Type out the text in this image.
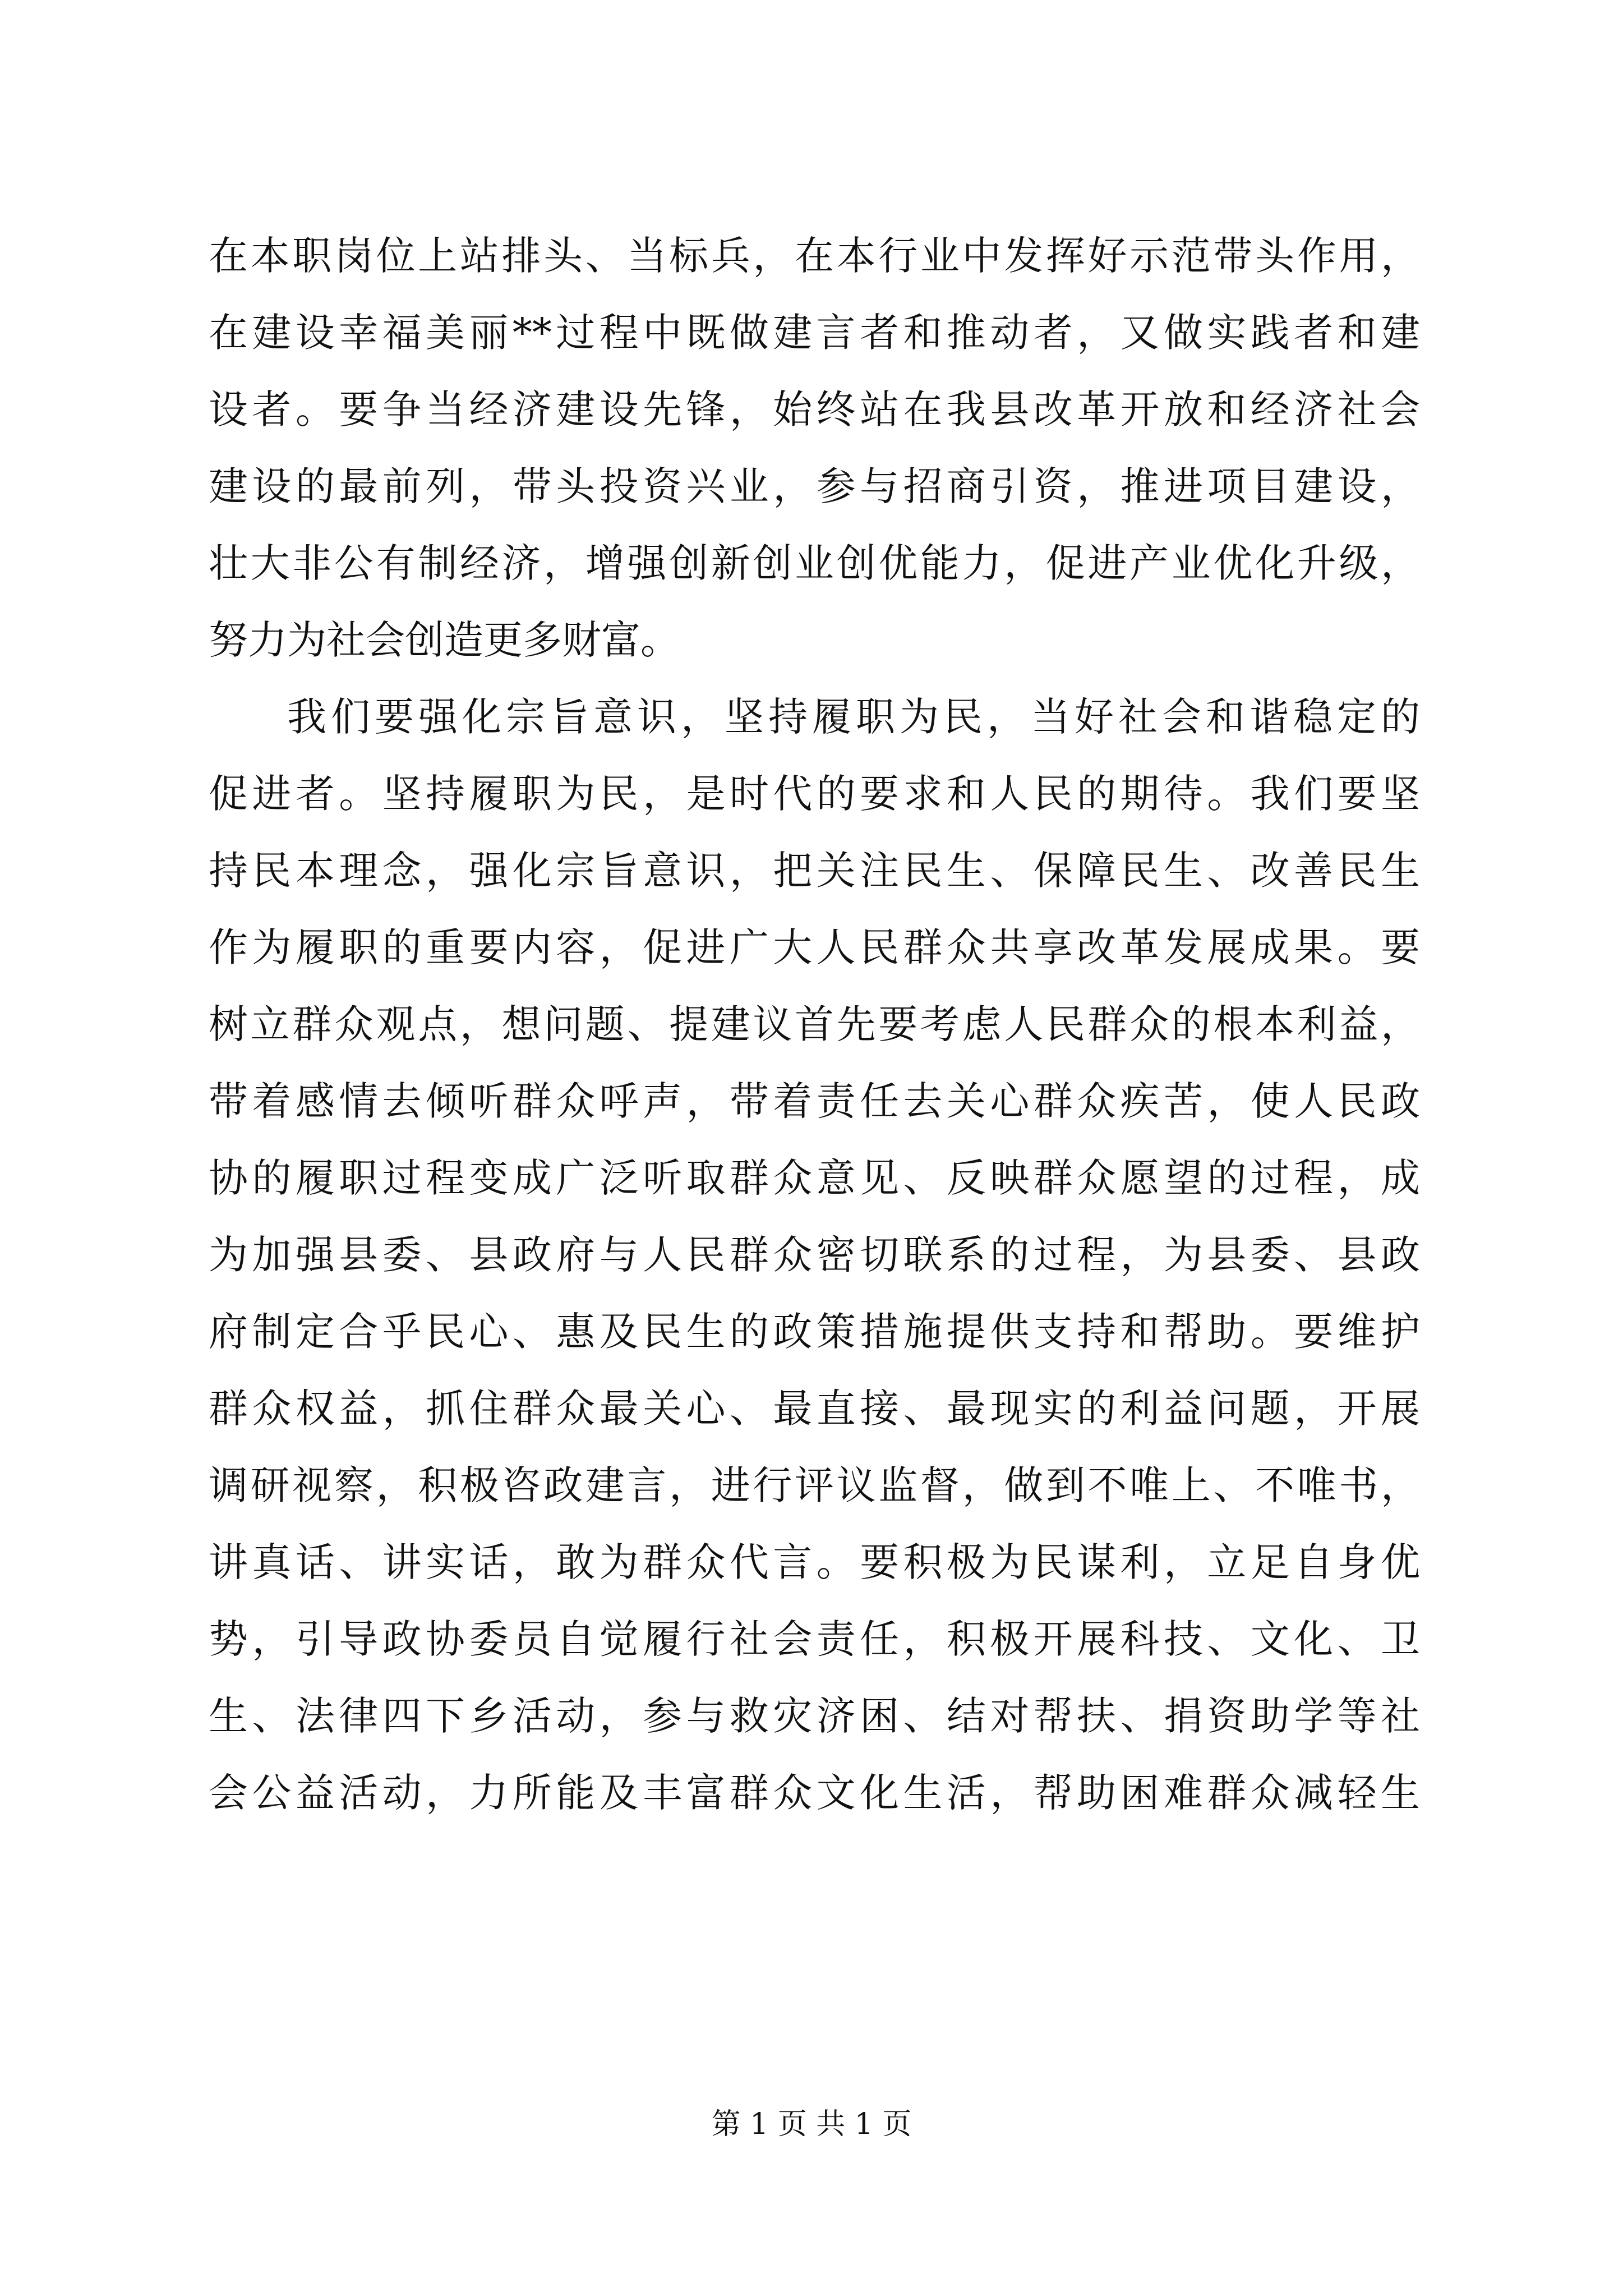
在本职岗位上站排头、当标兵，在本行业中发挥好示范带头作用，
在建设幸福美丽**过程中既做建言者和推动者，又做实践者和建
设者。要争当经济建设先锋，始终站在我县改革开放和经济社会
建设的最前列，带头投资兴业，参与招商引资，推进项目建设，
壮大非公有制经济，增强创新创业创优能力，促进产业优化升级，
努力为社会创造更多财富。
我们要强化宗旨意识，坚持履职为民，当好社会和谐稳定的
促进者。坚持履职为民，是时代的要求和人民的期待。我们要坚
持民本理念，强化宗旨意识，把关注民生、保障民生、改善民生
作为履职的重要内容，促进广大人民群众共享改革发展成果。要
树立群众观点，想问题、提建议首先要考虑人民群众的根本利益，
带着感情去倾听群众呼声，带着责任去关心群众疾苦，使人民政
协的履职过程变成广泛听取群众意见、反映群众愿望的过程，成
为加强县委、县政府与人民群众密切联系的过程，为县委、县政
府制定合乎民心、惠及民生的政策措施提供支持和帮助。要维护
群众权益，抓住群众最关心、最直接、最现实的利益问题，开展
调研视察，积极咨政建言，进行评议监督，做到不唯上、不唯书，
讲真话、讲实话，敢为群众代言。要积极为民谋利，立足自身优
势，引导政协委员自觉履行社会责任，积极开展科技、文化、卫
生、法律四下乡活动，参与救灾济困、结对帮扶、捐资助学等社
会公益活动，力所能及丰富群众文化生活，帮助困难群众减轻生
第 1 页 共 1 页
